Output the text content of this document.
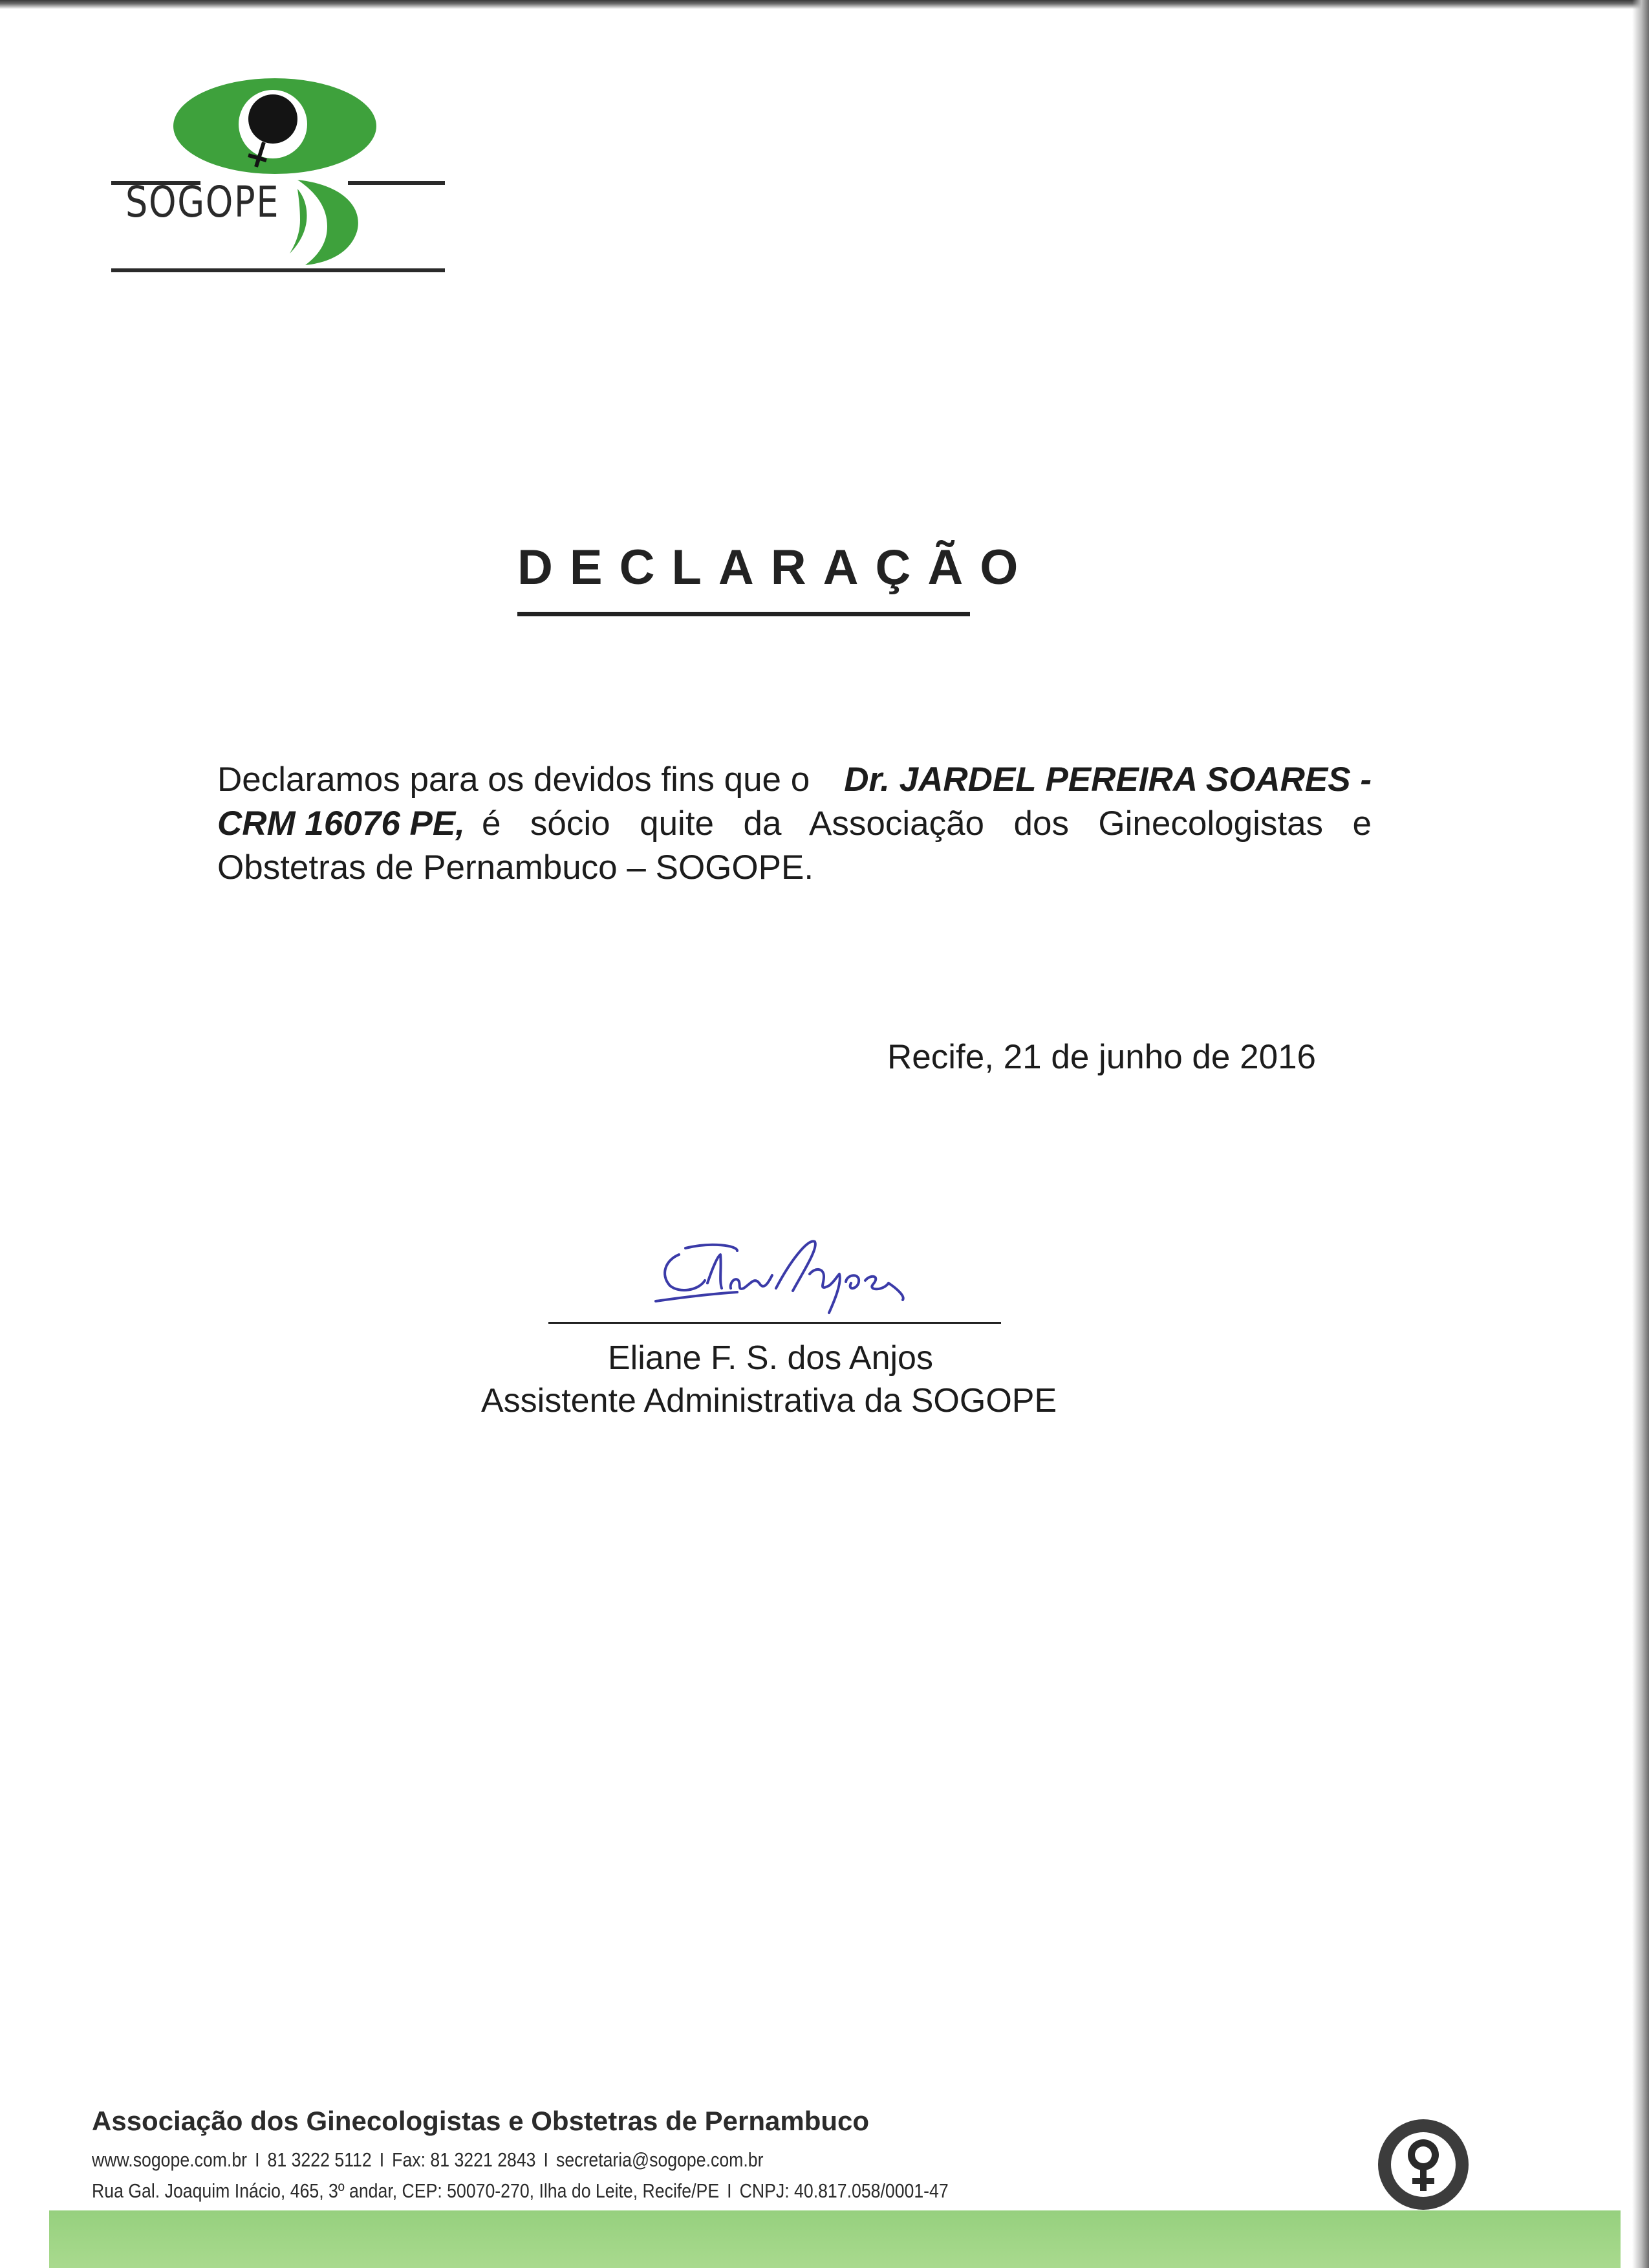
SOGOPE
DECLARAÇÃO
Declaramos para os devidos fins que o Dr. JARDEL PEREIRA SOARES -
CRM 16076 PE, é sócio quite da Associação dos Ginecologistas e
Obstetras de Pernambuco – SOGOPE.
Recife, 21 de junho de 2016
Eliane F. S. dos Anjos
Assistente Administrativa da SOGOPE
Associação dos Ginecologistas e Obstetras de Pernambuco
www.sogope.com.br I 81 3222 5112 I Fax: 81 3221 2843 I secretaria@sogope.com.br
Rua Gal. Joaquim Inácio, 465, 3º andar, CEP: 50070-270, Ilha do Leite, Recife/PE I CNPJ: 40.817.058/0001-47
